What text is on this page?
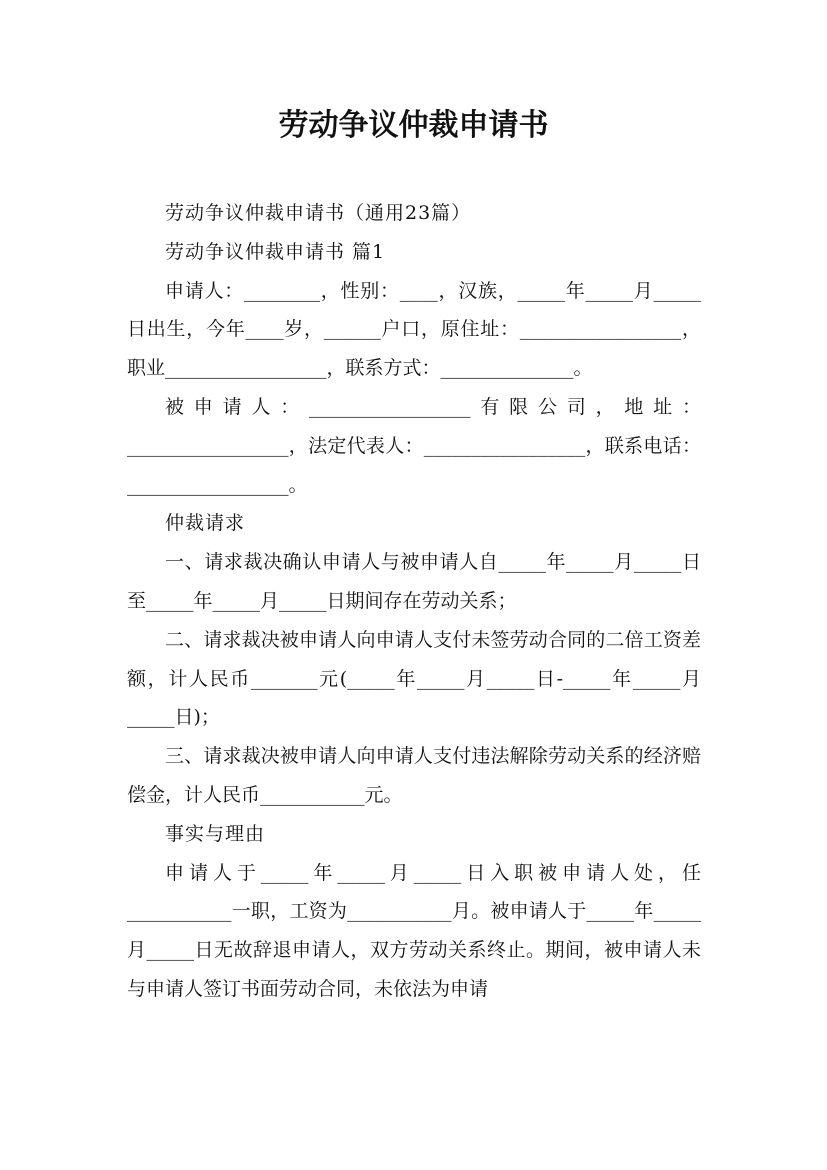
劳动争议仲裁申请书

劳动争议仲裁申请书（通用23篇）

劳动争议仲裁申请书 篇1

申请人：________，性别：____，汉族，_____年_____月_____日出生，今年____岁，______户口，原住址：_________________，职业_________________，联系方式：______________。

被申请人：_________________有限公司，地址：_________________，法定代表人：_________________，联系电话：_________________。

仲裁请求

一、请求裁决确认申请人与被申请人自_____年_____月_____日至_____年_____月_____日期间存在劳动关系；

二、请求裁决被申请人向申请人支付未签劳动合同的二倍工资差额，计人民币_______元(_____年_____月_____日-_____年_____月_____日)；

三、请求裁决被申请人向申请人支付违法解除劳动关系的经济赔偿金，计人民币___________元。

事实与理由

申请人于_____年_____月_____日入职被申请人处，任___________一职，工资为___________月。被申请人于_____年_____月_____日无故辞退申请人，双方劳动关系终止。期间，被申请人未与申请人签订书面劳动合同，未依法为申请
